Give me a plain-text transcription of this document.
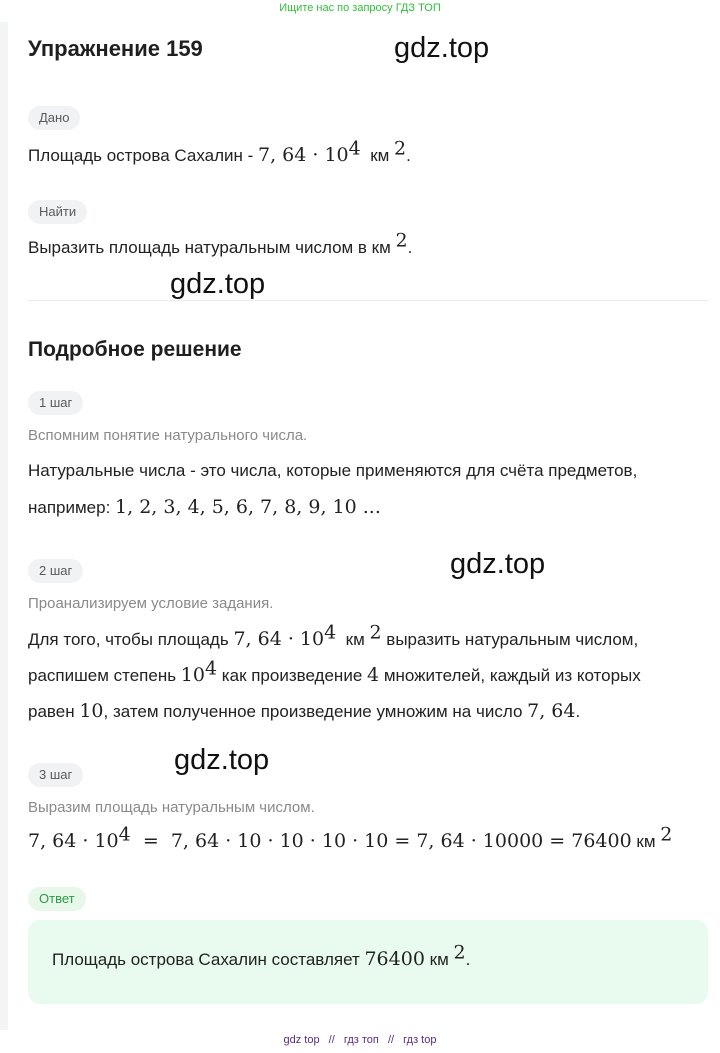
Ищите нас по запросу ГДЗ ТОП
Упражнение 159	gdz.top
Дано
Площадь острова Сахалин - 7, $64 \cdot 10^4$ км $^2$.
Найти
Выразить площадь натуральным числом в км $^2$.
gdz.top
Подробное решение
1 шаг
Вспомним понятие натурального числа.
Натуральные числа - это числа, которые применяются для счёта предметов,
например: 1, 2, 3, 4, 5, 6, 7, 8, 9, 10 ...
gdz.top
2 шаг
Проанализируем условие задания.
Для того, чтобы площадь 7, $64 \cdot 10^4$ км $^2$ выразить натуральным числом,
распишем степень $10^4$ как произведение 4 множителей, каждый из которых
равен 10, затем полученное произведение умножим на число 7, 64.
gdz.top
3 шаг
Выразим площадь натуральным числом.
7, $64 \cdot 10^4 = 7$, 64 · 10 · 10 · 10 · 10 = 7, 64 · 10000 = 76400 км $^2$
Ответ
Площадь острова Сахалин составляет 76400 км $^2$.
gdz top // гдз топ // гдз top
